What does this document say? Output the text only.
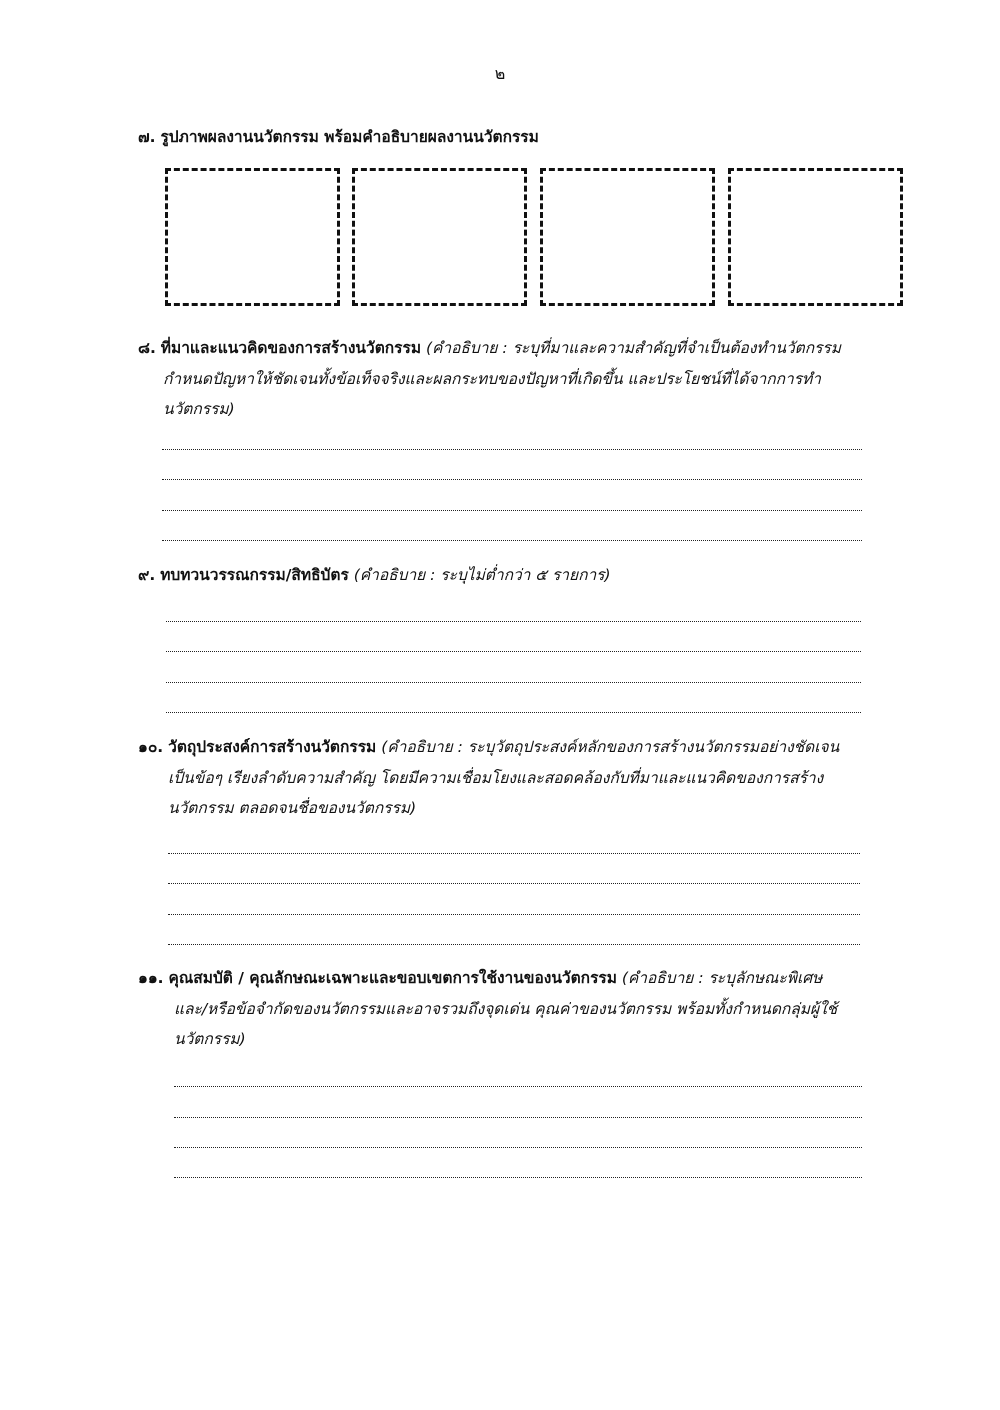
๒
๗. รูปภาพผลงานนวัตกรรม พร้อมคำอธิบายผลงานนวัตกรรม
๘. ที่มาและแนวคิดของการสร้างนวัตกรรม (คำอธิบาย : ระบุที่มาและความสำคัญที่จำเป็นต้องทำนวัตกรรม
กำหนดปัญหาให้ชัดเจนทั้งข้อเท็จจริงและผลกระทบของปัญหาที่เกิดขึ้น และประโยชน์ที่ได้จากการทำ
นวัตกรรม)
๙. ทบทวนวรรณกรรม/สิทธิบัตร (คำอธิบาย : ระบุไม่ต่ำกว่า ๕ รายการ)
๑๐. วัตถุประสงค์การสร้างนวัตกรรม (คำอธิบาย : ระบุวัตถุประสงค์หลักของการสร้างนวัตกรรมอย่างชัดเจน
เป็นข้อๆ เรียงลำดับความสำคัญ โดยมีความเชื่อมโยงและสอดคล้องกับที่มาและแนวคิดของการสร้าง
นวัตกรรม ตลอดจนชื่อของนวัตกรรม)
๑๑. คุณสมบัติ / คุณลักษณะเฉพาะและขอบเขตการใช้งานของนวัตกรรม (คำอธิบาย : ระบุลักษณะพิเศษ
และ/หรือข้อจำกัดของนวัตกรรมและอาจรวมถึงจุดเด่น คุณค่าของนวัตกรรม พร้อมทั้งกำหนดกลุ่มผู้ใช้
นวัตกรรม)
